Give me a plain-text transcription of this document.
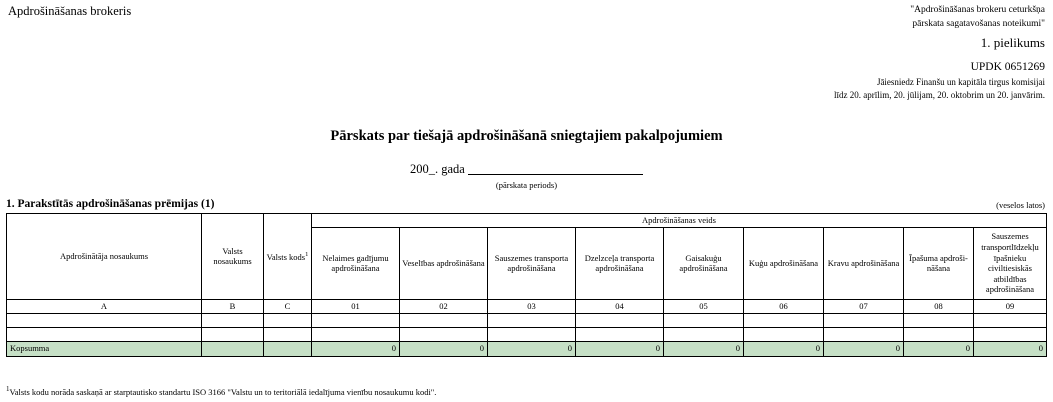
Apdrošināšanas brokeris	"Apdrošināšanas brokeru ceturkšņa
pārskata sagatavošanas noteikumi"
1. pielikums
UPDK 0651269
Jāiesniedz Finanšu un kapitāla tirgus komisijai
līdz 20. aprīlim, 20. jūlijam, 20. oktobrim un 20. janvārim.
Pārskats par tiešajā apdrošināšanā sniegtajiem pakalpojumiem
200_. gada
(pārskata periods)
1. Parakstītās apdrošināšanas prēmijas (1)	(veselos latos)
Apdrošinātāja nosaukums	Valsts nosaukums	Valsts kods$^1$	Apdrošināšanas veids								
			Nelaimes gadījumu apdrošināšana	Veselības apdrošināšana	Sauszemes transporta apdrošināšana	Dzelzceļa transporta apdrošināšana	Gaisakuģu apdrošināšana	Kuģu apdrošināšana	Kravu apdrošināšana	Īpašuma apdroši-nāšana	Sauszemes transportlīdzekļu īpašnieku civiltiesiskās atbildības apdrošināšana
A	B	C	01	02	03	04	05	06	07	08	09

Kopsumma			0	0	0	0	0	0	0	0	0
$^1$Valsts kodu norāda saskaņā ar starptautisko standartu ISO 3166 "Valstu un to teritoriālā iedalījuma vienību nosaukumu kodi".
